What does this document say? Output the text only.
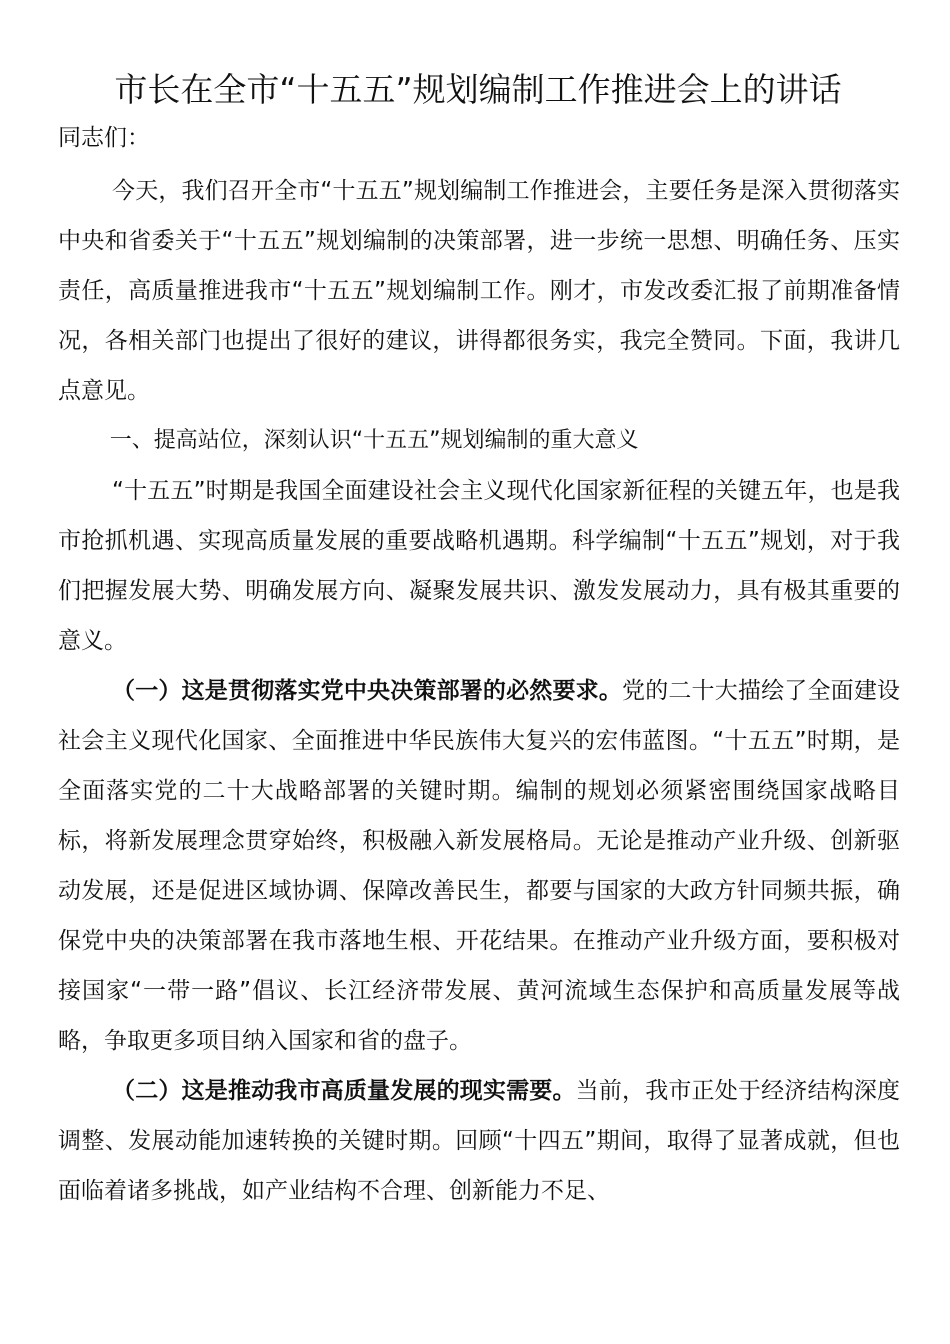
市长在全市“十五五”规划编制工作推进会上的讲话

同志们：

今天，我们召开全市“十五五”规划编制工作推进会，主要任务是深入贯彻落实中央和省委关于“十五五”规划编制的决策部署，进一步统一思想、明确任务、压实责任，高质量推进我市“十五五”规划编制工作。刚才，市发改委汇报了前期准备情况，各相关部门也提出了很好的建议，讲得都很务实，我完全赞同。下面，我讲几点意见。

一、提高站位，深刻认识“十五五”规划编制的重大意义

“十五五”时期是我国全面建设社会主义现代化国家新征程的关键五年，也是我市抢抓机遇、实现高质量发展的重要战略机遇期。科学编制“十五五”规划，对于我们把握发展大势、明确发展方向、凝聚发展共识、激发发展动力，具有极其重要的意义。

（一）这是贯彻落实党中央决策部署的必然要求。党的二十大描绘了全面建设社会主义现代化国家、全面推进中华民族伟大复兴的宏伟蓝图。“十五五”时期，是全面落实党的二十大战略部署的关键时期。编制的规划必须紧密围绕国家战略目标，将新发展理念贯穿始终，积极融入新发展格局。无论是推动产业升级、创新驱动发展，还是促进区域协调、保障改善民生，都要与国家的大政方针同频共振，确保党中央的决策部署在我市落地生根、开花结果。在推动产业升级方面，要积极对接国家“一带一路”倡议、长江经济带发展、黄河流域生态保护和高质量发展等战略，争取更多项目纳入国家和省的盘子。

（二）这是推动我市高质量发展的现实需要。当前，我市正处于经济结构深度调整、发展动能加速转换的关键时期。回顾“十四五”期间，取得了显著成就，但也面临着诸多挑战，如产业结构不合理、创新能力不足、
